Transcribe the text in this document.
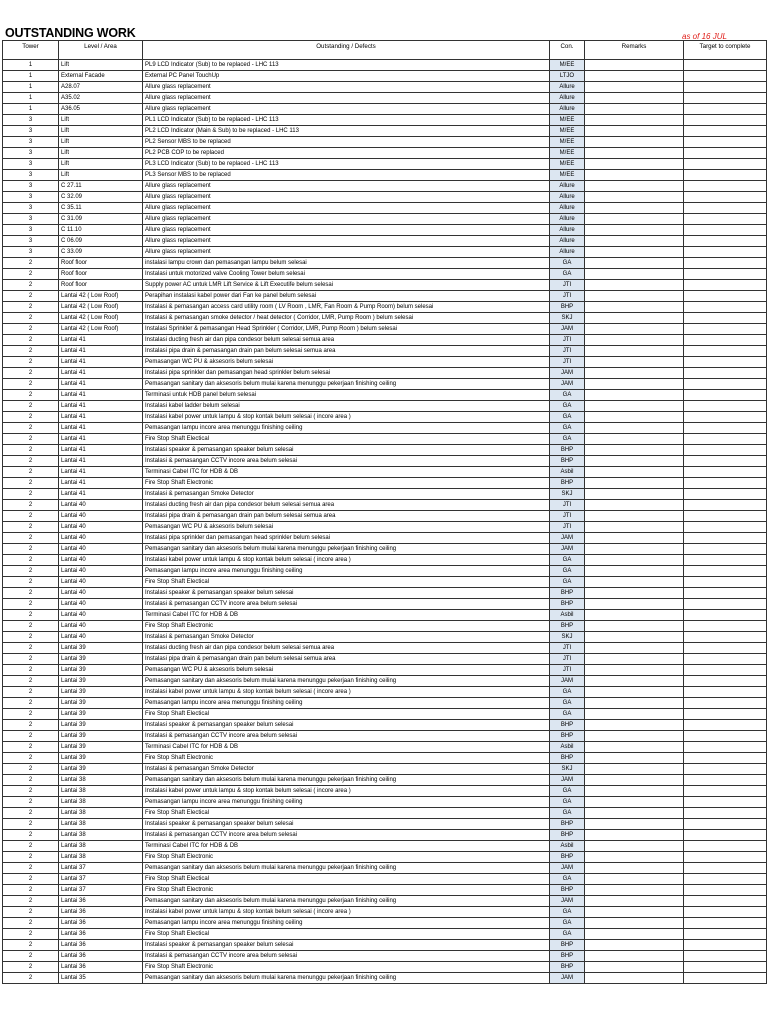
OUTSTANDING WORK	as of 16 JUL
Tower	Level / Area	Outstanding / Defects	Con.	Remarks	Target to complete
1	Lift	PL9 LCD Indicator (Sub) to be replaced - LHC 113	M/EE		
1	External Facade	External PC Panel TouchUp	LTJO		
1	A28.07	Allure glass replacement	Allure		
1	A35.02	Allure glass replacement	Allure		
1	A36.05	Allure glass replacement	Allure		
3	Lift	PL1 LCD Indicator (Sub) to be replaced - LHC 113	M/EE		
3	Lift	PL2 LCD Indicator (Main & Sub) to be replaced - LHC 113	M/EE		
3	Lift	PL2 Sensor MBS to be replaced	M/EE		
3	Lift	PL2 PCB COP to be replaced	M/EE		
3	Lift	PL3 LCD Indicator (Sub) to be replaced - LHC 113	M/EE		
3	Lift	PL3 Sensor MBS to be replaced	M/EE		
3	C 27.11	Allure glass replacement	Allure		
3	C 32.09	Allure glass replacement	Allure		
3	C 35.11	Allure glass replacement	Allure		
3	C 31.09	Allure glass replacement	Allure		
3	C 11.10	Allure glass replacement	Allure		
3	C 06.09	Allure glass replacement	Allure		
3	C 33.09	Allure glass replacement	Allure		
2	Roof floor	instalasi lampu crown dan pemasangan lampu belum selesai	GA		
2	Roof floor	Instalasi untuk motorized valve Cooling Tower belum selesai	GA		
2	Roof floor	Supply power AC untuk LMR Lift Service & Lift Executife belum selesai	JTI		
2	Lantai 42 ( Low Roof)	Perapihan instalasi kabel power dari Fan ke panel belum selesai	JTI		
2	Lantai 42 ( Low Roof)	Instalasi & pemasangan access card utility room ( LV Room , LMR, Fan Room & Pump Room) belum selesai	BHP		
2	Lantai 42 ( Low Roof)	Instalasi & pemasangan smoke detector / heat detector ( Corridor, LMR, Pump Room ) belum selesai	SKJ		
2	Lantai 42 ( Low Roof)	Instalasi Sprinkler & pemasangan Head Sprinkler ( Corridor, LMR, Pump Room ) belum selesai	JAM		
2	Lantai 41	Instalasi ducting fresh air dan pipa condesor belum selesai semua area	JTI		
2	Lantai 41	Instalasi pipa drain & pemasangan drain pan belum selesai semua area	JTI		
2	Lantai 41	Pemasangan WC PU & aksesoris belum selesai	JTI		
2	Lantai 41	Instalasi pipa sprinkler dan pemasangan head sprinkler belum selesai	JAM		
2	Lantai 41	Pemasangan sanitary dan aksesoris belum mulai karena menunggu pekerjaan finishing ceiling	JAM		
2	Lantai 41	Terminasi untuk HDB panel belum selesai	GA		
2	Lantai 41	Instalasi kabel ladder belum selesai	GA		
2	Lantai 41	Instalasi kabel power untuk lampu & stop kontak belum selesai ( incore area )	GA		
2	Lantai 41	Pemasangan lampu incore area menunggu finishing ceiling	GA		
2	Lantai 41	Fire Stop Shaft Electical	GA		
2	Lantai 41	Instalasi speaker & pemasangan speaker belum selesai	BHP		
2	Lantai 41	Instalasi & pemasangan CCTV incore area belum selesai	BHP		
2	Lantai 41	Terminasi Cabel ITC for HDB & DB	Asbil		
2	Lantai 41	Fire Stop Shaft Electronic	BHP		
2	Lantai 41	Instalasi & pemasangan Smoke Detector	SKJ		
2	Lantai 40	Instalasi ducting fresh air dan pipa condesor belum selesai semua area	JTI		
2	Lantai 40	Instalasi pipa drain & pemasangan drain pan belum selesai semua area	JTI		
2	Lantai 40	Pemasangan WC PU & aksesoris belum selesai	JTI		
2	Lantai 40	Instalasi pipa sprinkler dan pemasangan head sprinkler belum selesai	JAM		
2	Lantai 40	Pemasangan sanitary dan aksesoris belum mulai karena menunggu pekerjaan finishing ceiling	JAM		
2	Lantai 40	Instalasi kabel power untuk lampu & stop kontak belum selesai ( incore area )	GA		
2	Lantai 40	Pemasangan lampu incore area menunggu finishing ceiling	GA		
2	Lantai 40	Fire Stop Shaft Electical	GA		
2	Lantai 40	Instalasi speaker & pemasangan speaker belum selesai	BHP		
2	Lantai 40	Instalasi & pemasangan CCTV incore area belum selesai	BHP		
2	Lantai 40	Terminasi Cabel ITC for HDB & DB	Asbil		
2	Lantai 40	Fire Stop Shaft Electronic	BHP		
2	Lantai 40	Instalasi & pemasangan Smoke Detector	SKJ		
2	Lantai 39	Instalasi ducting fresh air dan pipa condesor belum selesai semua area	JTI		
2	Lantai 39	Instalasi pipa drain & pemasangan drain pan belum selesai semua area	JTI		
2	Lantai 39	Pemasangan WC PU & aksesoris belum selesai	JTI		
2	Lantai 39	Pemasangan sanitary dan aksesoris belum mulai karena menunggu pekerjaan finishing ceiling	JAM		
2	Lantai 39	Instalasi kabel power untuk lampu & stop kontak belum selesai ( incore area )	GA		
2	Lantai 39	Pemasangan lampu incore area menunggu finishing ceiling	GA		
2	Lantai 39	Fire Stop Shaft Electical	GA		
2	Lantai 39	Instalasi speaker & pemasangan speaker belum selesai	BHP		
2	Lantai 39	Instalasi & pemasangan CCTV incore area belum selesai	BHP		
2	Lantai 39	Terminasi Cabel ITC for HDB & DB	Asbil		
2	Lantai 39	Fire Stop Shaft Electronic	BHP		
2	Lantai 39	Instalasi & pemasangan Smoke Detector	SKJ		
2	Lantai 38	Pemasangan sanitary dan aksesoris belum mulai karena menunggu pekerjaan finishing ceiling	JAM		
2	Lantai 38	Instalasi kabel power untuk lampu & stop kontak belum selesai ( incore area )	GA		
2	Lantai 38	Pemasangan lampu incore area menunggu finishing ceiling	GA		
2	Lantai 38	Fire Stop Shaft Electical	GA		
2	Lantai 38	Instalasi speaker & pemasangan speaker belum selesai	BHP		
2	Lantai 38	Instalasi & pemasangan CCTV incore area belum selesai	BHP		
2	Lantai 38	Terminasi Cabel ITC for HDB & DB	Asbil		
2	Lantai 38	Fire Stop Shaft Electronic	BHP		
2	Lantai 37	Pemasangan sanitary dan aksesoris belum mulai karena menunggu pekerjaan finishing ceiling	JAM		
2	Lantai 37	Fire Stop Shaft Electical	GA		
2	Lantai 37	Fire Stop Shaft Electronic	BHP		
2	Lantai 36	Pemasangan sanitary dan aksesoris belum mulai karena menunggu pekerjaan finishing ceiling	JAM		
2	Lantai 36	Instalasi kabel power untuk lampu & stop kontak belum selesai ( incore area )	GA		
2	Lantai 36	Pemasangan lampu incore area menunggu finishing ceiling	GA		
2	Lantai 36	Fire Stop Shaft Electical	GA		
2	Lantai 36	Instalasi speaker & pemasangan speaker belum selesai	BHP		
2	Lantai 36	Instalasi & pemasangan CCTV incore area belum selesai	BHP		
2	Lantai 36	Fire Stop Shaft Electronic	BHP		
2	Lantai 35	Pemasangan sanitary dan aksesoris belum mulai karena menunggu pekerjaan finishing ceiling	JAM		
